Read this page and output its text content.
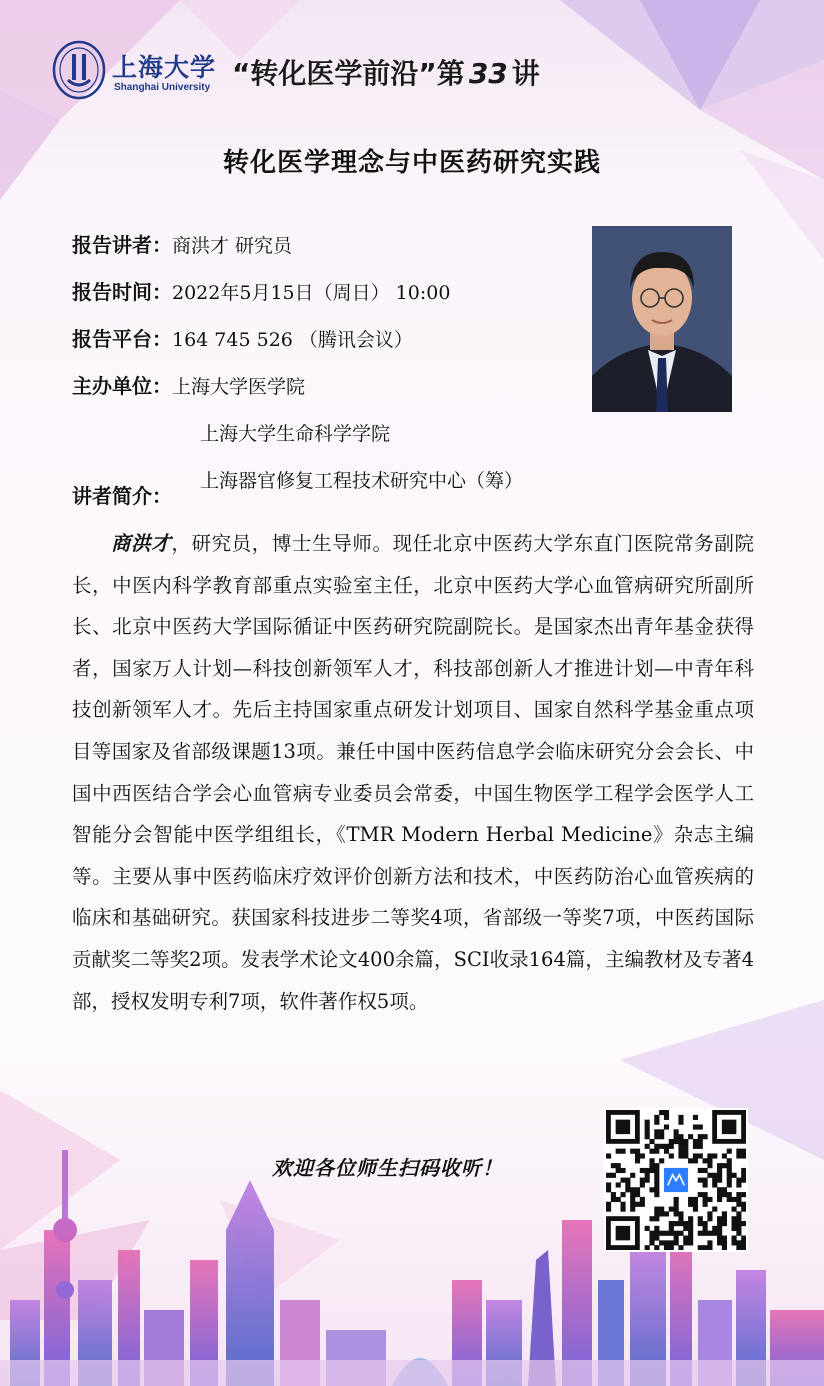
上海大学
Shanghai University “转化医学前沿”第 33 讲
转化医学理念与中医药研究实践
报告讲者：商洪才 研究员
报告时间：2022年5月15日（周日） 10:00
报告平台：164 745 526 （腾讯会议）
主办单位：上海大学医学院
上海大学生命科学学院
上海器官修复工程技术研究中心（筹）
讲者简介：
商洪才，研究员，博士生导师。现任北京中医药大学东直门医院常务副院长，中医内科学教育部重点实验室主任，北京中医药大学心血管病研究所副所长、北京中医药大学国际循证中医药研究院副院长。是国家杰出青年基金获得者，国家万人计划—科技创新领军人才，科技部创新人才推进计划—中青年科技创新领军人才。先后主持国家重点研发计划项目、国家自然科学基金重点项目等国家及省部级课题13项。兼任中国中医药信息学会临床研究分会会长、中国中西医结合学会心血管病专业委员会常委，中国生物医学工程学会医学人工智能分会智能中医学组组长，《TMR Modern Herbal Medicine》杂志主编等。主要从事中医药临床疗效评价创新方法和技术，中医药防治心血管疾病的临床和基础研究。获国家科技进步二等奖4项，省部级一等奖7项，中医药国际贡献奖二等奖2项。发表学术论文400余篇，SCI收录164篇，主编教材及专著4部，授权发明专利7项，软件著作权5项。
欢迎各位师生扫码收听！
